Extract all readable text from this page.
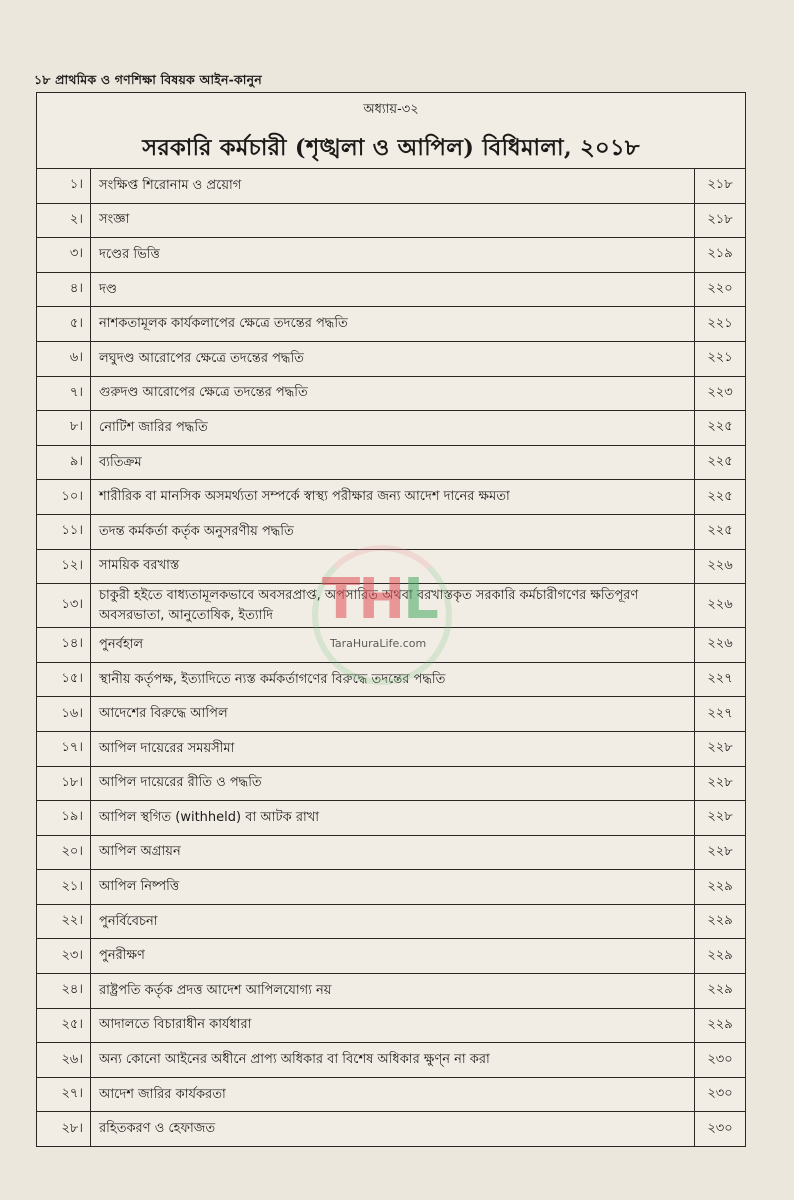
১৮ প্রাথমিক ও গণশিক্ষা বিষয়ক আইন-কানুন
অধ্যায়-৩২
সরকারি কর্মচারী (শৃঙ্খলা ও আপিল) বিধিমালা, ২০১৮		

১।	সংক্ষিপ্ত শিরোনাম ও প্রয়োগ	২১৮
২।	সংজ্ঞা	২১৮
৩।	দণ্ডের ভিত্তি	২১৯
৪।	দণ্ড	২২০
৫।	নাশকতামূলক কার্যকলাপের ক্ষেত্রে তদন্তের পদ্ধতি	২২১
৬।	লঘুদণ্ড আরোপের ক্ষেত্রে তদন্তের পদ্ধতি	২২১
৭।	গুরুদণ্ড আরোপের ক্ষেত্রে তদন্তের পদ্ধতি	২২৩
৮।	নোটিশ জারির পদ্ধতি	২২৫
৯।	ব্যতিক্রম	২২৫
১০।	শারীরিক বা মানসিক অসমর্থ্যতা সম্পর্কে স্বাস্থ্য পরীক্ষার জন্য আদেশ দানের ক্ষমতা	২২৫
১১।	তদন্ত কর্মকর্তা কর্তৃক অনুসরণীয় পদ্ধতি	২২৫
১২।	সাময়িক বরখাস্ত	২২৬
১৩।	চাকুরী হইতে বাধ্যতামূলকভাবে অবসরপ্রাপ্ত, অপসারিত অথবা বরখাস্তকৃত সরকারি কর্মচারীগণের ক্ষতিপূরণ অবসরভাতা, আনুতোষিক, ইত্যাদি	২২৬
১৪।	পুনর্বহাল	২২৬
১৫।	স্থানীয় কর্তৃপক্ষ, ইত্যাদিতে ন্যস্ত কর্মকর্তাগণের বিরুদ্ধে তদন্তের পদ্ধতি	২২৭
১৬।	আদেশের বিরুদ্ধে আপিল	২২৭
১৭।	আপিল দায়েরের সময়সীমা	২২৮
১৮।	আপিল দায়েরের রীতি ও পদ্ধতি	২২৮
১৯।	আপিল স্থগিত (withheld) বা আটক রাখা	২২৮
২০।	আপিল অগ্রায়ন	২২৮
২১।	আপিল নিষ্পত্তি	২২৯
২২।	পুনর্বিবেচনা	২২৯
২৩।	পুনরীক্ষণ	২২৯
২৪।	রাষ্ট্রপতি কর্তৃক প্রদত্ত আদেশ আপিলযোগ্য নয়	২২৯
২৫।	আদালতে বিচারাধীন কার্যধারা	২২৯
২৬।	অন্য কোনো আইনের অধীনে প্রাপ্য অধিকার বা বিশেষ অধিকার ক্ষুণ্ন না করা	২৩০
২৭।	আদেশ জারির কার্যকরতা	২৩০
২৮।	রহিতকরণ ও হেফাজত	২৩০
THL
TaraHuraLife.com
